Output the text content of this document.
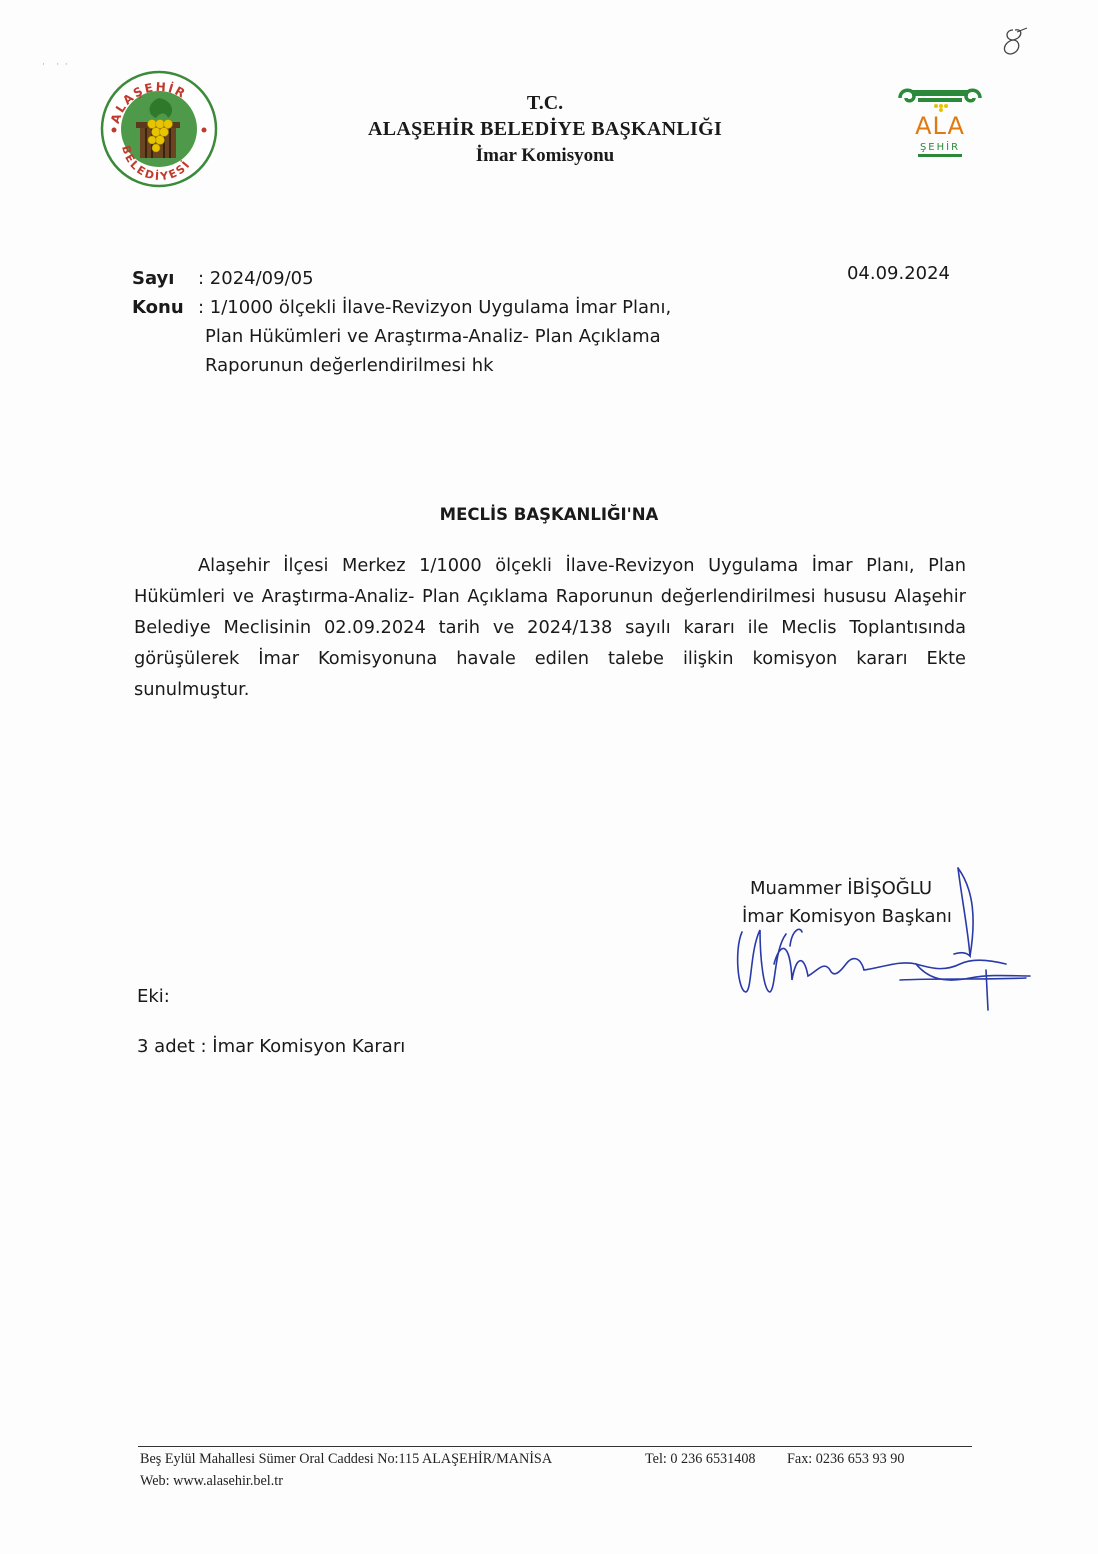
·    ·  ·
ALAŞEHİR
BELEDİYESİ
T.C.
ALAŞEHİR BELEDİYE BAŞKANLIĞI
İmar Komisyonu
ALA
ŞEHİR
Sayı	: 2024/09/05
Konu : 1/1000 ölçekli İlave-Revizyon Uygulama İmar Planı,
Plan Hükümleri ve Araştırma-Analiz- Plan Açıklama
Raporunun değerlendirilmesi hk
04.09.2024
MECLİS BAŞKANLIĞI'NA
Alaşehir İlçesi Merkez 1/1000 ölçekli İlave-Revizyon Uygulama İmar Planı, Plan Hükümleri ve Araştırma-Analiz- Plan Açıklama Raporunun değerlendirilmesi hususu Alaşehir Belediye Meclisinin 02.09.2024 tarih ve 2024/138 sayılı kararı ile Meclis Toplantısında görüşülerek İmar Komisyonuna havale edilen talebe ilişkin komisyon kararı Ekte sunulmuştur.
Muammer İBİŞOĞLU
İmar Komisyon Başkanı
Eki:
3 adet : İmar Komisyon Kararı
Beş Eylül Mahallesi Sümer Oral Caddesi No:115 ALAŞEHİR/MANİSA	Tel: 0 236 6531408 Fax: 0236 653 93 90
Web: www.alasehir.bel.tr
